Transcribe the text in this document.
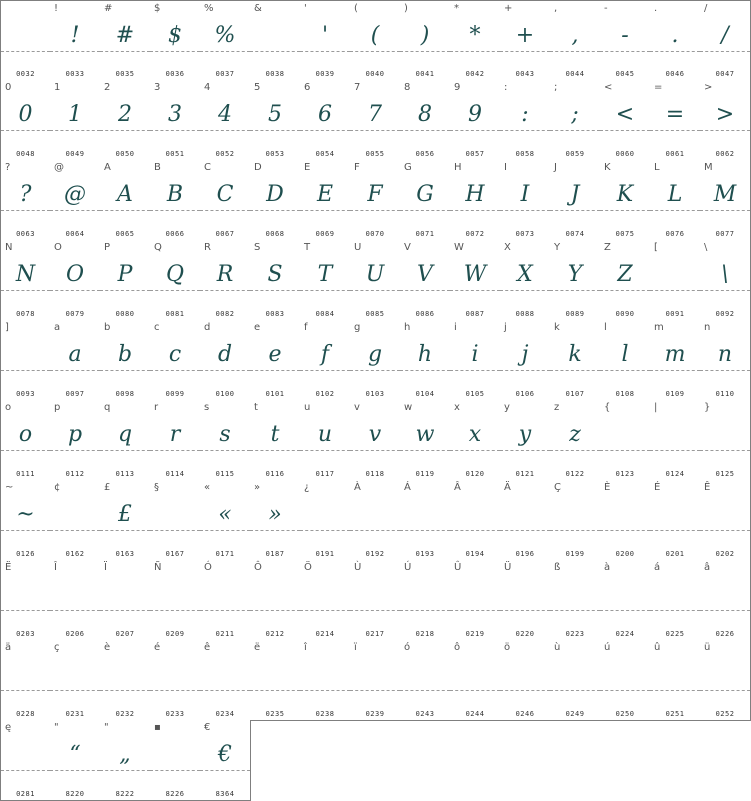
0032
!
!
0033
#
#
0035
$
$
0036
%
%
0037
&
0038
'
'
0039
(
(
0040
)
)
0041
*
*
0042
+
+
0043
,
,
0044
-
-
0045
.
.
0046
/
/
0047
0
0
0048
1
1
0049
2
2
0050
3
3
0051
4
4
0052
5
5
0053
6
6
0054
7
7
0055
8
8
0056
9
9
0057
:
:
0058
;
;
0059
<
<
0060
=
=
0061
>
>
0062
?
?
0063
@
@
0064
A
A
0065
B
B
0066
C
C
0067
D
D
0068
E
E
0069
F
F
0070
G
G
0071
H
H
0072
I
I
0073
J
J
0074
K
K
0075
L
L
0076
M
M
0077
N
N
0078
O
O
0079
P
P
0080
Q
Q
0081
R
R
0082
S
S
0083
T
T
0084
U
U
0085
V
V
0086
W
W
0087
X
X
0088
Y
Y
0089
Z
Z
0090
[
0091
\
\
0092
]
0093
a
a
0097
b
b
0098
c
c
0099
d
d
0100
e
e
0101
f
f
0102
g
g
0103
h
h
0104
i
i
0105
j
j
0106
k
k
0107
l
l
0108
m
m
0109
n
n
0110
o
o
0111
p
p
0112
q
q
0113
r
r
0114
s
s
0115
t
t
0116
u
u
0117
v
v
0118
w
w
0119
x
x
0120
y
y
0121
z
z
0122
{
0123
|
0124
}
0125
~
~
0126
¢
0162
£
£
0163
§
0167
«
«
0171
»
»
0187
¿
0191
À
0192
Á
0193
Â
0194
Ä
0196
Ç
0199
È
0200
É
0201
Ê
0202
Ë
0203
Î
0206
Ï
0207
Ñ
0209
Ó
0211
Ô
0212
Ö
0214
Ù
0217
Ú
0218
Û
0219
Ü
0220
ß
0223
à
0224
á
0225
â
0226
ä
0228
ç
0231
è
0232
é
0233
ê
0234
ë
0235
î
0238
ï
0239
ó
0243
ô
0244
ö
0246
ù
0249
ú
0250
û
0251
ü
0252
ę
0281
"
“
8220
"
„
8222
▪
8226
€
€
8364
